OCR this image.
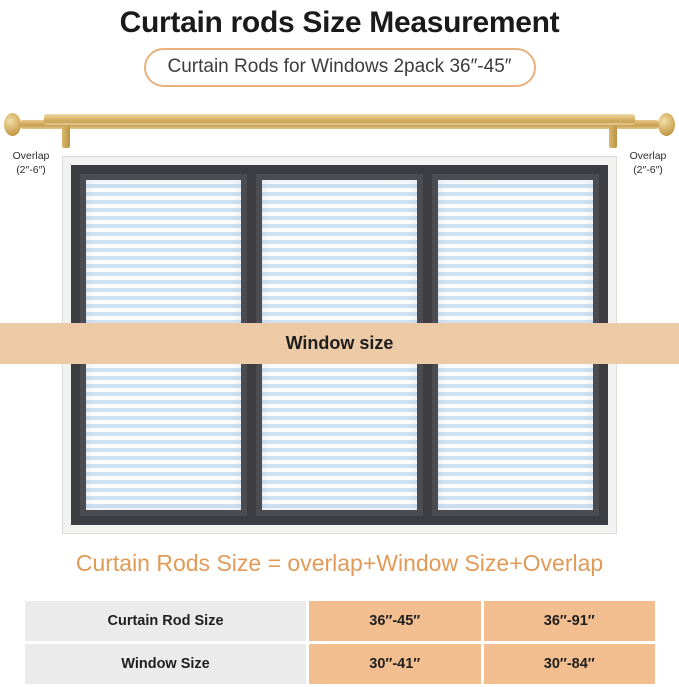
Curtain rods Size Measurement
Curtain Rods for Windows 2pack 36″-45″
Overlap
(2″-6″)
Overlap
(2″-6″)
Window size
Curtain Rods Size = overlap+Window Size+Overlap
Curtain Rod Size	36″-45″	36″-91″
Window Size	30″-41″	30″-84″
